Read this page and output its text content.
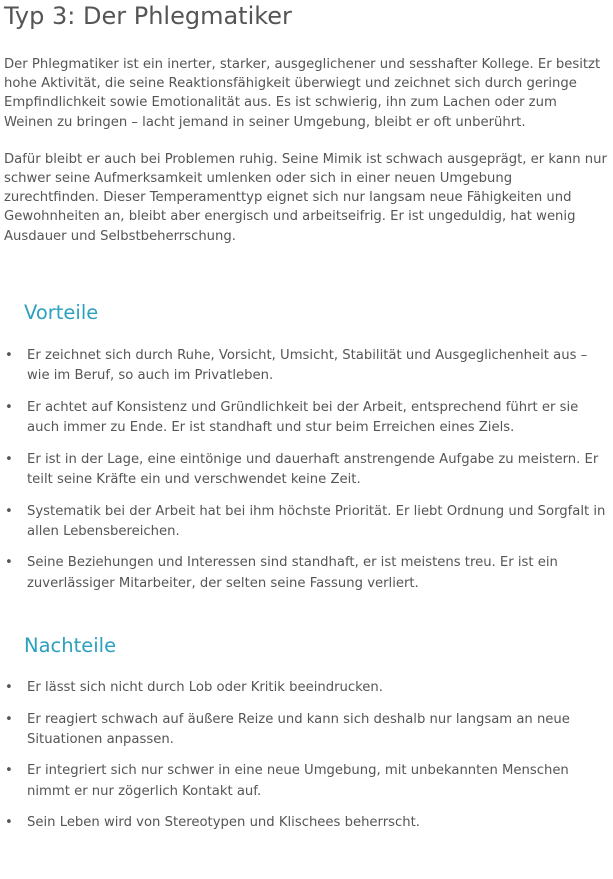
Typ 3: Der Phlegmatiker

Der Phlegmatiker ist ein inerter, starker, ausgeglichener und sesshafter Kollege. Er besitzt hohe Aktivität, die seine Reaktionsfähigkeit überwiegt und zeichnet sich durch geringe Empfindlichkeit sowie Emotionalität aus. Es ist schwierig, ihn zum Lachen oder zum Weinen zu bringen – lacht jemand in seiner Umgebung, bleibt er oft unberührt.

Dafür bleibt er auch bei Problemen ruhig. Seine Mimik ist schwach ausgeprägt, er kann nur schwer seine Aufmerksamkeit umlenken oder sich in einer neuen Umgebung zurechtfinden. Dieser Temperamenttyp eignet sich nur langsam neue Fähigkeiten und Gewohnheiten an, bleibt aber energisch und arbeitseifrig. Er ist ungeduldig, hat wenig Ausdauer und Selbstbeherrschung.

Vorteile
• Er zeichnet sich durch Ruhe, Vorsicht, Umsicht, Stabilität und Ausgeglichenheit aus – wie im Beruf, so auch im Privatleben.
• Er achtet auf Konsistenz und Gründlichkeit bei der Arbeit, entsprechend führt er sie auch immer zu Ende. Er ist standhaft und stur beim Erreichen eines Ziels.
• Er ist in der Lage, eine eintönige und dauerhaft anstrengende Aufgabe zu meistern. Er teilt seine Kräfte ein und verschwendet keine Zeit.
• Systematik bei der Arbeit hat bei ihm höchste Priorität. Er liebt Ordnung und Sorgfalt in allen Lebensbereichen.
• Seine Beziehungen und Interessen sind standhaft, er ist meistens treu. Er ist ein zuverlässiger Mitarbeiter, der selten seine Fassung verliert.
Nachteile
• Er lässt sich nicht durch Lob oder Kritik beeindrucken.
• Er reagiert schwach auf äußere Reize und kann sich deshalb nur langsam an neue Situationen anpassen.
• Er integriert sich nur schwer in eine neue Umgebung, mit unbekannten Menschen nimmt er nur zögerlich Kontakt auf.
• Sein Leben wird von Stereotypen und Klischees beherrscht.
